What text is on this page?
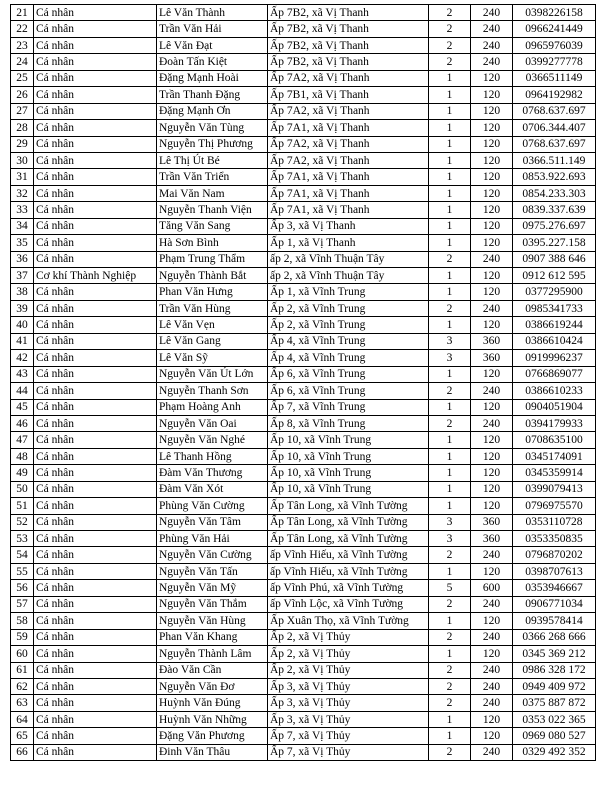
21	Cá nhân	Lê Văn Thành	Ấp 7B2, xã Vị Thanh	2	240	0398226158
22	Cá nhân	Trần Văn Hải	Ấp 7B2, xã Vị Thanh	2	240	0966241449
23	Cá nhân	Lê Văn Đạt	Ấp 7B2, xã Vị Thanh	2	240	0965976039
24	Cá nhân	Đoàn Tấn Kiệt	Ấp 7B2, xã Vị Thanh	2	240	0399277778
25	Cá nhân	Đặng Mạnh Hoài	Ấp 7A2, xã Vị Thanh	1	120	0366511149
26	Cá nhân	Trần Thanh Đặng	Ấp 7B1, xã Vị Thanh	1	120	0964192982
27	Cá nhân	Đặng Mạnh Ơn	Ấp 7A2, xã Vị Thanh	1	120	0768.637.697
28	Cá nhân	Nguyễn Văn Tùng	Ấp 7A1, xã Vị Thanh	1	120	0706.344.407
29	Cá nhân	Nguyễn Thị Phương	Ấp 7A2, xã Vị Thanh	1	120	0768.637.697
30	Cá nhân	Lê Thị Út Bé	Ấp 7A2, xã Vị Thanh	1	120	0366.511.149
31	Cá nhân	Trần Văn Triển	Ấp 7A1, xã Vị Thanh	1	120	0853.922.693
32	Cá nhân	Mai Văn Nam	Ấp 7A1, xã Vị Thanh	1	120	0854.233.303
33	Cá nhân	Nguyễn Thanh Viện	Ấp 7A1, xã Vị Thanh	1	120	0839.337.639
34	Cá nhân	Tăng Văn Sang	Ấp 3, xã Vị Thanh	1	120	0975.276.697
35	Cá nhân	Hà Sơn Bình	Ấp 1, xã Vị Thanh	1	120	0395.227.158
36	Cá nhân	Phạm Trung Thẩm	ấp 2, xã Vĩnh Thuận Tây	2	240	0907 388 646
37	Cơ khí Thành Nghiệp	Nguyễn Thành Bắt	ấp 2, xã Vĩnh Thuận Tây	1	120	0912 612 595
38	Cá nhân	Phan Văn Hưng	Ấp 1, xã Vĩnh Trung	1	120	0377295900
39	Cá nhân	Trần Văn Hùng	Ấp 2, xã Vĩnh Trung	2	240	0985341733
40	Cá nhân	Lê Văn Vẹn	Ấp 2, xã Vĩnh Trung	1	120	0386619244
41	Cá nhân	Lê Văn Gang	Ấp 4, xã Vĩnh Trung	3	360	0386610424
42	Cá nhân	Lê Văn Sỹ	Ấp 4, xã Vĩnh Trung	3	360	0919996237
43	Cá nhân	Nguyễn Văn Út Lớn	Ấp 6, xã Vĩnh Trung	1	120	0766869077
44	Cá nhân	Nguyễn Thanh Sơn	Ấp 6, xã Vĩnh Trung	2	240	0386610233
45	Cá nhân	Phạm Hoàng Anh	Ấp 7, xã Vĩnh Trung	1	120	0904051904
46	Cá nhân	Nguyễn Văn Oai	Ấp 8, xã Vĩnh Trung	2	240	0394179933
47	Cá nhân	Nguyễn Văn Nghé	Ấp 10, xã Vĩnh Trung	1	120	0708635100
48	Cá nhân	Lê Thanh Hồng	Ấp 10, xã Vĩnh Trung	1	120	0345174091
49	Cá nhân	Đàm Văn Thương	Ấp 10, xã Vĩnh Trung	1	120	0345359914
50	Cá nhân	Đàm Văn Xót	Ấp 10, xã Vĩnh Trung	1	120	0399079413
51	Cá nhân	Phùng Văn Cường	Ấp Tân Long, xã Vĩnh Tường	1	120	0796975570
52	Cá nhân	Nguyễn Văn Tâm	Ấp Tân Long, xã Vĩnh Tường	3	360	0353110728
53	Cá nhân	Phùng Văn Hải	Ấp Tân Long, xã Vĩnh Tường	3	360	0353350835
54	Cá nhân	Nguyễn Văn Cường	ấp Vĩnh Hiếu, xã Vĩnh Tường	2	240	0796870202
55	Cá nhân	Nguyễn Văn Tấn	ấp Vĩnh Hiếu, xã Vĩnh Tường	1	120	0398707613
56	Cá nhân	Nguyễn Văn Mỹ	ấp Vĩnh Phú, xã Vĩnh Tường	5	600	0353946667
57	Cá nhân	Nguyễn Văn Thắm	ấp Vĩnh Lộc, xã Vĩnh Tường	2	240	0906771034
58	Cá nhân	Nguyễn Văn Hùng	Ấp Xuân Thọ, xã Vĩnh Tường	1	120	0939578414
59	Cá nhân	Phan Văn Khang	Ấp 2, xã Vị Thủy	2	240	0366 268 666
60	Cá nhân	Nguyễn Thành Lâm	Ấp 2, xã Vị Thủy	1	120	0345 369 212
61	Cá nhân	Đào Văn Cần	Ấp 2, xã Vị Thủy	2	240	0986 328 172
62	Cá nhân	Nguyễn Văn Đơ	Ấp 3, xã Vị Thủy	2	240	0949 409 972
63	Cá nhân	Huỳnh Văn Đúng	Ấp 3, xã Vị Thủy	2	240	0375 887 872
64	Cá nhân	Huỳnh Văn Những	Ấp 3, xã Vị Thủy	1	120	0353 022 365
65	Cá nhân	Đặng Văn Phương	Ấp 7, xã Vị Thủy	1	120	0969 080 527
66	Cá nhân	Đinh Văn Thâu	Ấp 7, xã Vị Thủy	2	240	0329 492 352
